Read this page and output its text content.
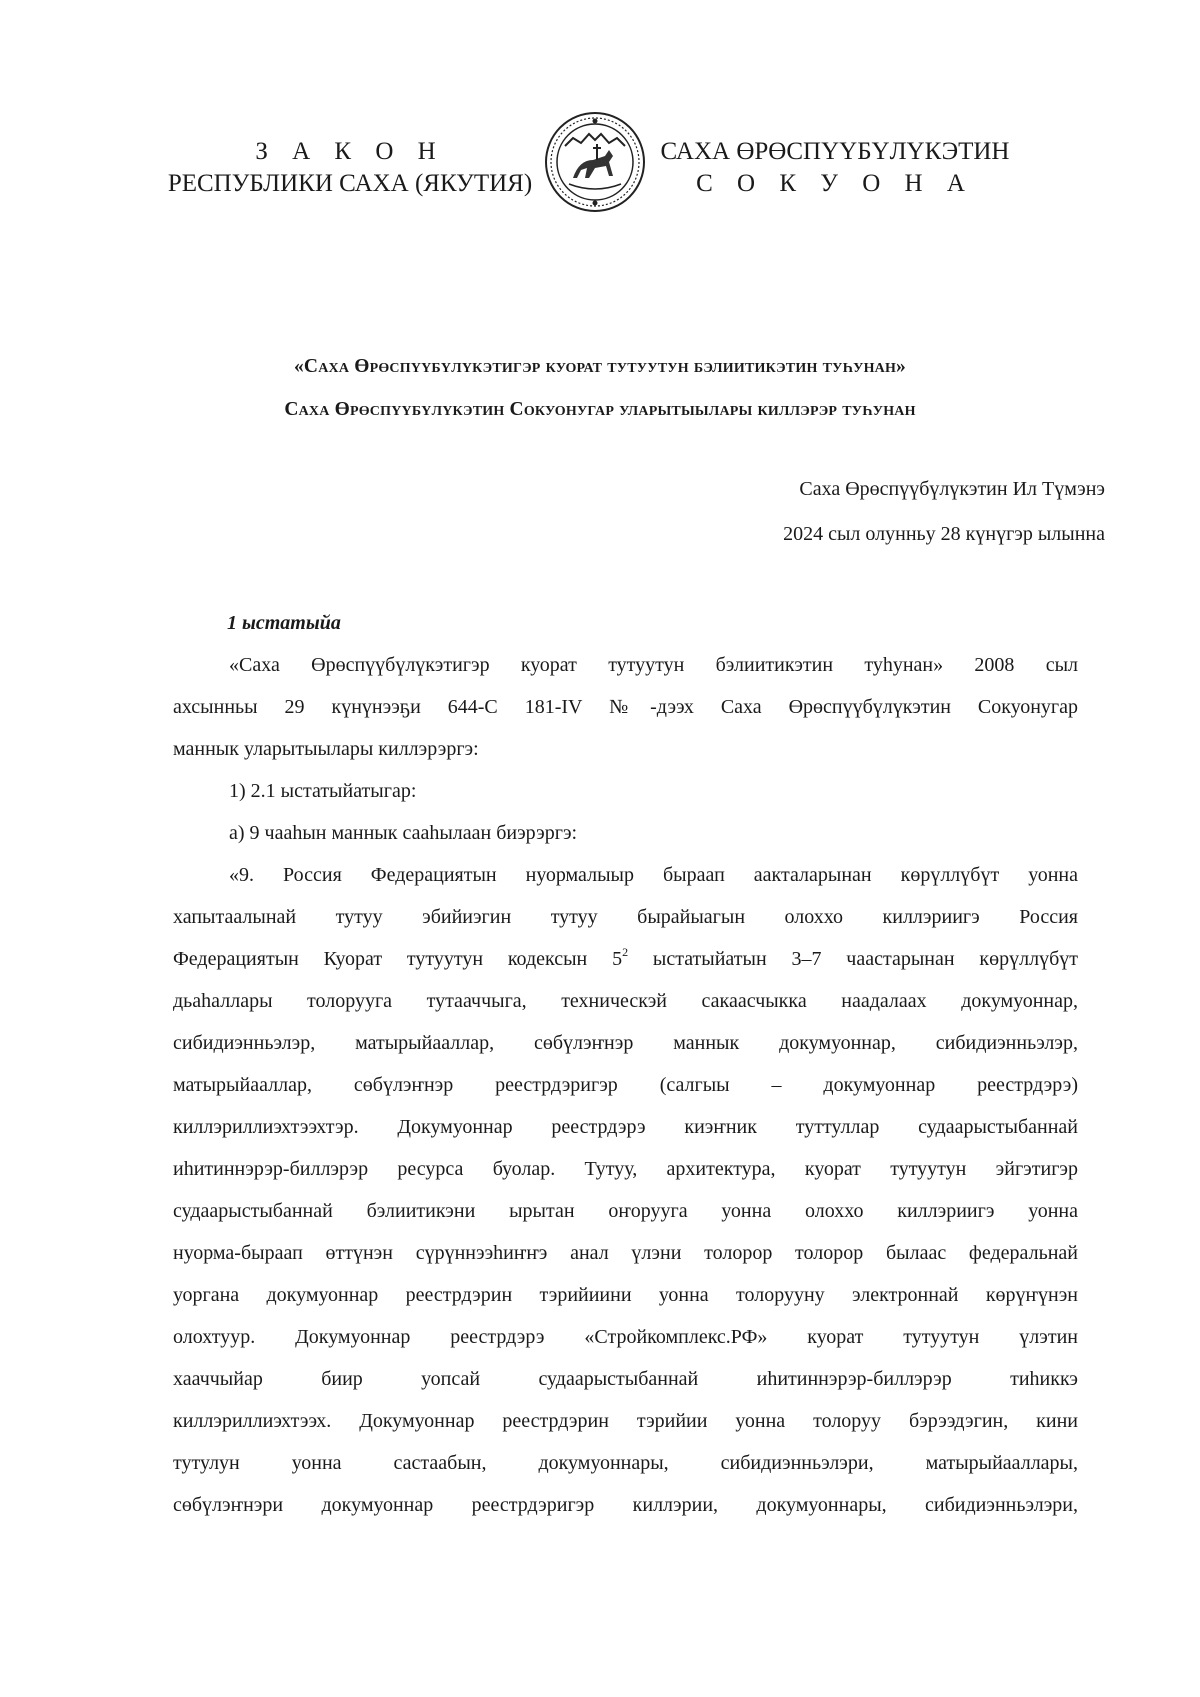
З А К О Н
РЕСПУБЛИКИ САХА (ЯКУТИЯ)
САХА ӨРӨСПҮҮБҮЛҮКЭТИН
С О К У О Н А
«Саха Өрөспүүбүлүкэтигэр куорат тутуутун бэлиитикэтин туһунан»
Саха Өрөспүүбүлүкэтин Сокуонугар уларытыылары киллэрэр туһунан
Саха Өрөспүүбүлүкэтин Ил Түмэнэ
2024 сыл олунньу 28 күнүгэр ылынна
1 ыстатыйа
«Саха Өрөспүүбүлүкэтигэр куорат тутуутун бэлиитикэтин туһунан» 2008 сыл
ахсынньы 29 күнүнээҕи 644-С 181-IV №-дээх Саха Өрөспүүбүлүкэтин Сокуонугар
маннык уларытыылары киллэрэргэ:
1) 2.1 ыстатыйатыгар:
а) 9 чааһын маннык сааһылаан биэрэргэ:
«9. Россия Федерациятын нуормалыыр быраап аакталарынан көрүллүбүт уонна
хапытаалынай тутуу эбийиэгин тутуу бырайыагын олоххо киллэриигэ Россия
Федерациятын Куорат тутуутун кодексын $5^2$ ыстатыйатын 3–7 чаастарынан көрүллүбүт
дьаһаллары толоруугa тутааччыга, техническэй сакаасчыкка наадалаах докумуоннар,
сибидиэнньэлэр, матырыйааллар, сөбүлэҥнэр маннык докумуоннар, сибидиэнньэлэр,
матырыйааллар, сөбүлэҥнэр реестрдэригэр (салгыы – докумуоннар реестрдэрэ)
киллэриллиэхтээхтэр. Докумуоннар реестрдэрэ киэҥник туттуллар судаарыстыбаннай
иһитиннэрэр-биллэрэр ресурса буолар. Тутуу, архитектура, куорат тутуутун эйгэтигэр
судаарыстыбаннай бэлиитикэни ырытан оҥорууга уонна олоххо киллэриигэ уонна
нуорма-быраап өттүнэн сүрүннээһиҥҥэ анал үлэни толорор толорор былаас федеральнай
уоргана докумуоннар реестрдэрин тэрийиини уонна толорууну электроннай көрүҥүнэн
олохтуур. Докумуоннар реестрдэрэ «Стройкомплекс.РФ» куорат тутуутун үлэтин
хааччыйар биир уопсай судаарыстыбаннай иһитиннэрэр-биллэрэр тиһиккэ
киллэриллиэхтээх. Докумуоннар реестрдэрин тэрийии уонна толоруу бэрээдэгин, кини
тутулун уонна састаабын, докумуоннары, сибидиэнньэлэри, матырыйааллары,
сөбүлэҥнэри докумуоннар реестрдэригэр киллэрии, докумуоннары, сибидиэнньэлэри,
